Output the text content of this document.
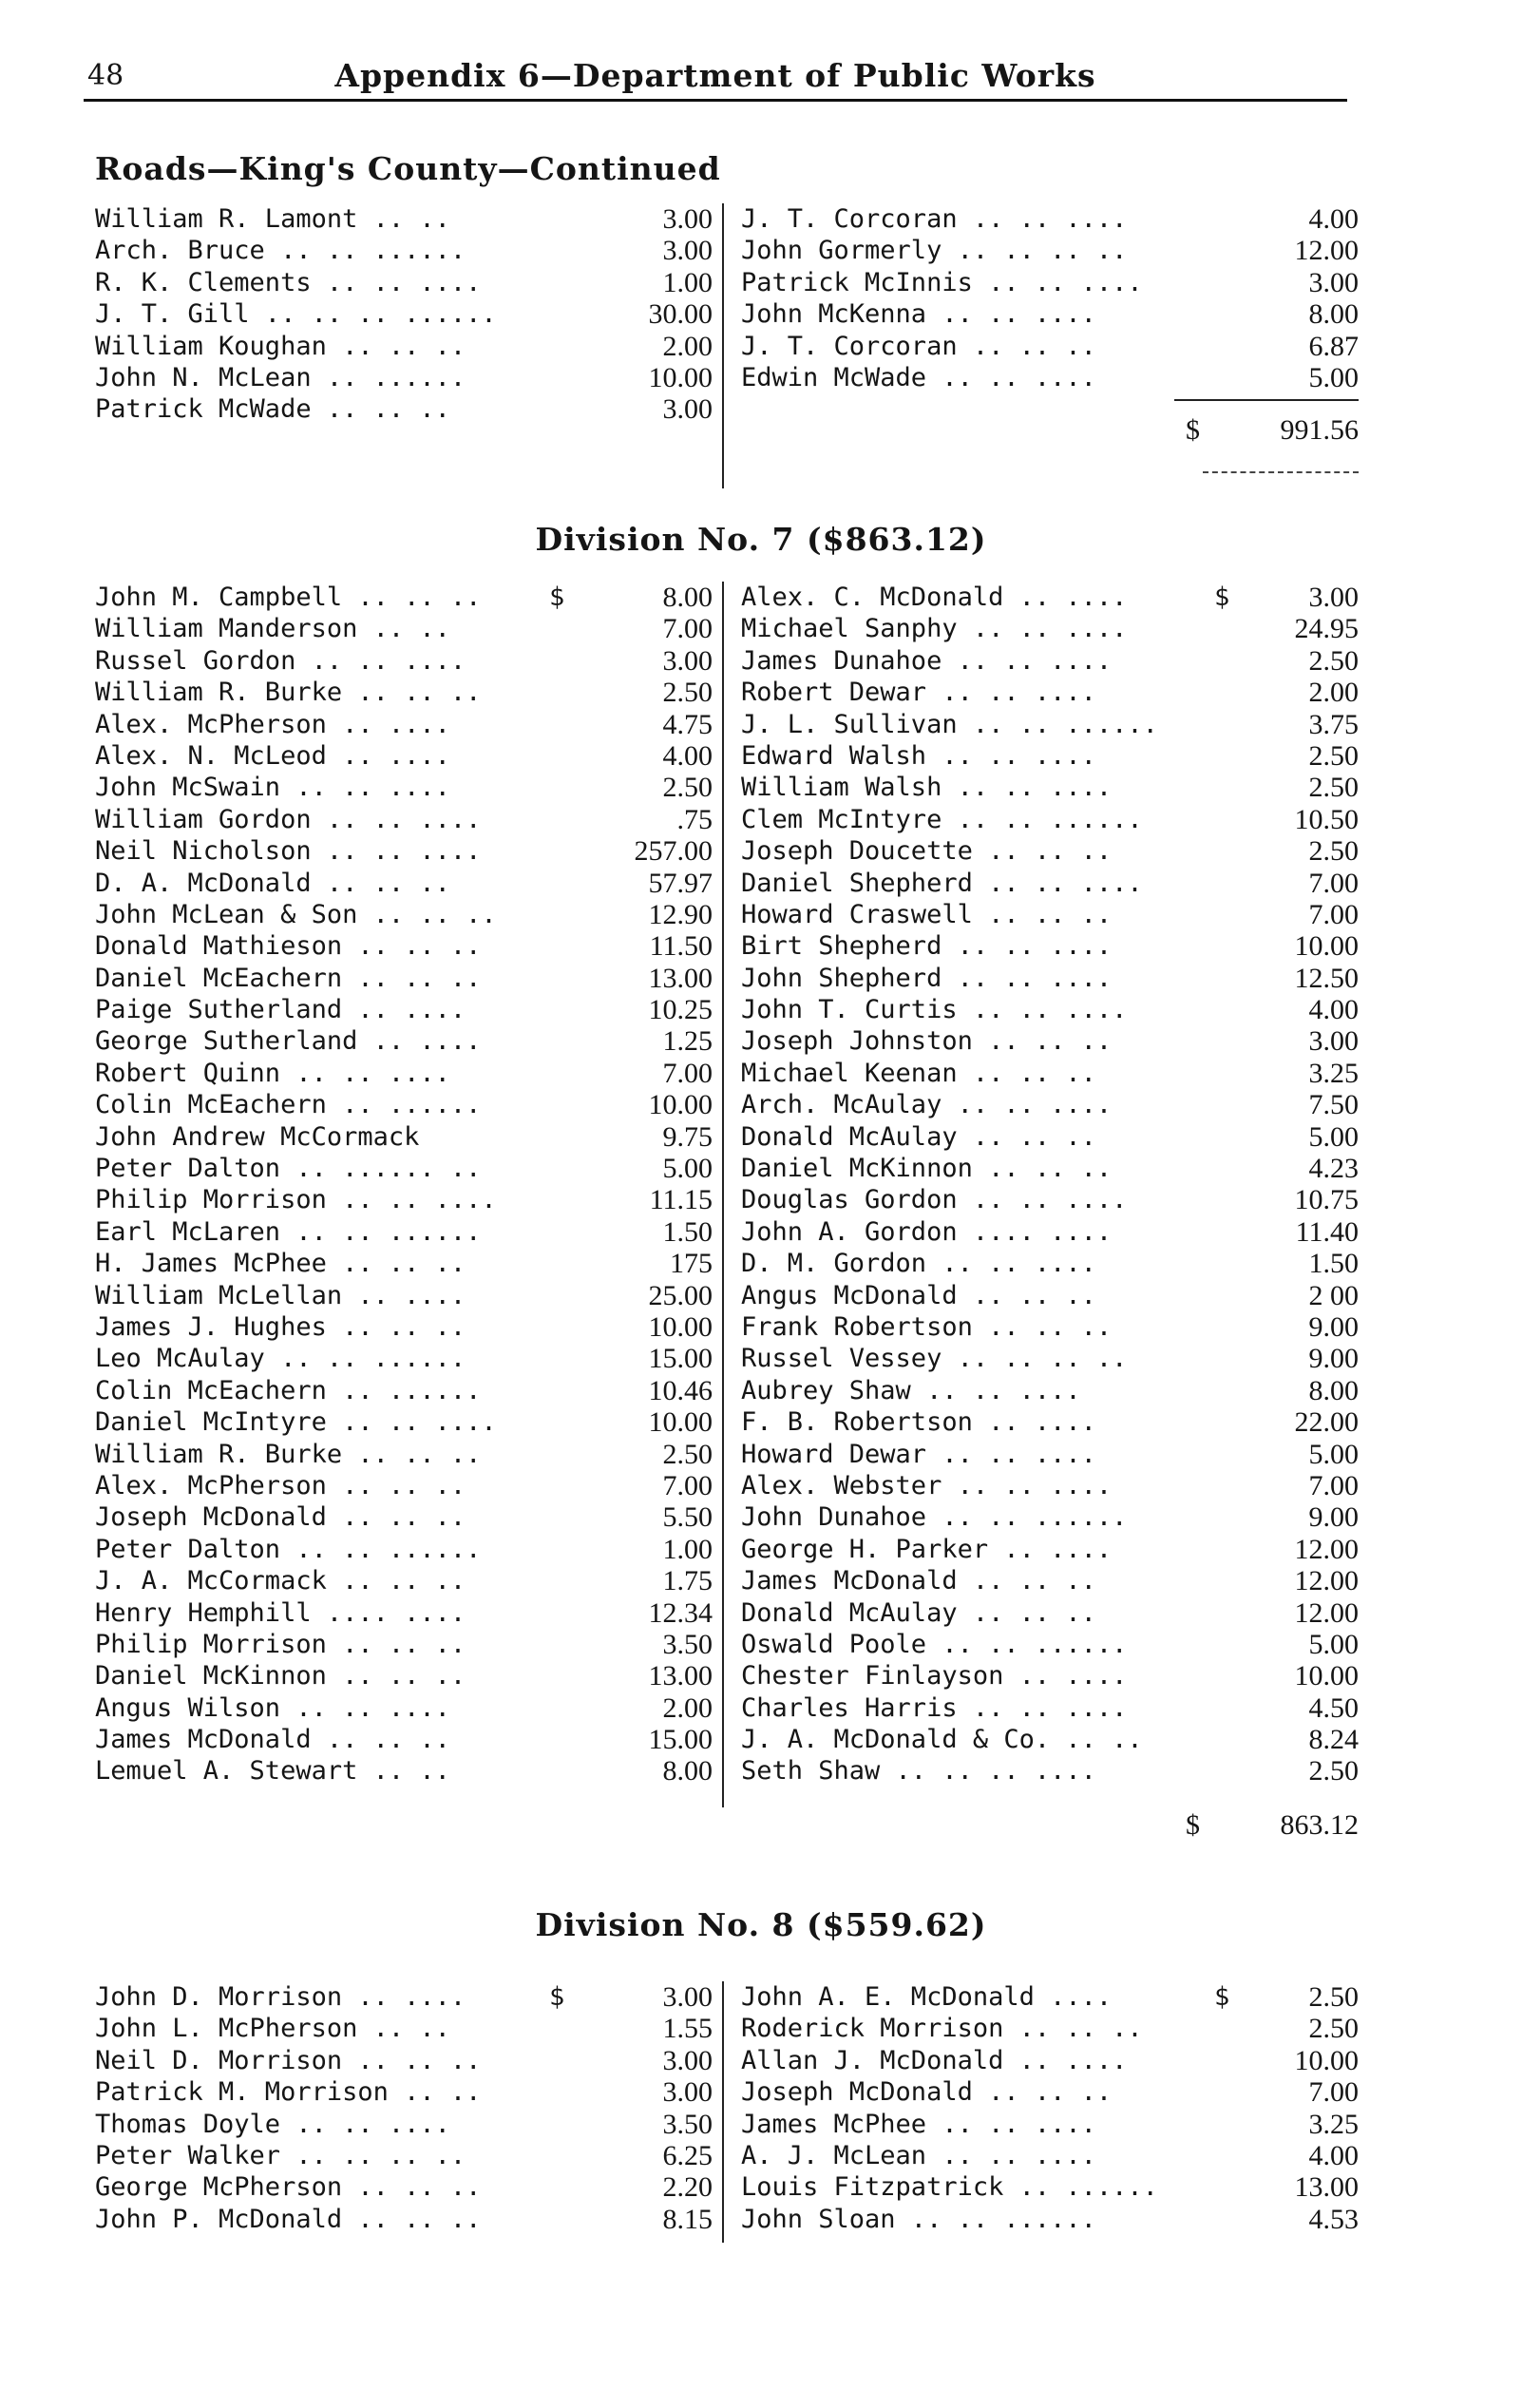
48	Appendix 6—Department of Public Works
Roads—King's County—Continued
William R. Lamont .. ..	3.00
Arch. Bruce .. .. ......	3.00
R. K. Clements .. .. ....	1.00
J. T. Gill .. .. .. ......	30.00
William Koughan .. .. ..	2.00
John N. McLean .. ......	10.00
Patrick McWade .. .. ..	3.00
J. T. Corcoran .. .. ....	4.00
John Gormerly .. .. .. ..	12.00
Patrick McInnis .. .. ....	3.00
John McKenna .. .. ....	8.00
J. T. Corcoran .. .. ..	6.87
Edwin McWade .. .. ....	5.00
$	991.56
Division No. 7 ($863.12)
John M. Campbell .. .. ..	$	8.00
William Manderson .. ..	7.00
Russel Gordon .. .. ....	3.00
William R. Burke .. .. ..	2.50
Alex. McPherson .. ....	4.75
Alex. N. McLeod .. ....	4.00
John McSwain .. .. ....	2.50
William Gordon .. .. ....	.75
Neil Nicholson .. .. ....	257.00
D. A. McDonald .. .. ..	57.97
John McLean & Son .. .. ..	12.90
Donald Mathieson .. .. ..	11.50
Daniel McEachern .. .. ..	13.00
Paige Sutherland .. ....	10.25
George Sutherland .. ....	1.25
Robert Quinn .. .. ....	7.00
Colin McEachern .. ......	10.00
John Andrew McCormack	9.75
Peter Dalton .. ...... ..	5.00
Philip Morrison .. .. ....	11.15
Earl McLaren .. .. ......	1.50
H. James McPhee .. .. ..	175
William McLellan .. ....	25.00
James J. Hughes .. .. ..	10.00
Leo McAulay .. .. ......	15.00
Colin McEachern .. ......	10.46
Daniel McIntyre .. .. ....	10.00
William R. Burke .. .. ..	2.50
Alex. McPherson .. .. ..	7.00
Joseph McDonald .. .. ..	5.50
Peter Dalton .. .. ......	1.00
J. A. McCormack .. .. ..	1.75
Henry Hemphill .... ....	12.34
Philip Morrison .. .. ..	3.50
Daniel McKinnon .. .. ..	13.00
Angus Wilson .. .. ....	2.00
James McDonald .. .. ..	15.00
Lemuel A. Stewart .. ..	8.00
Alex. C. McDonald .. ....	$	3.00
Michael Sanphy .. .. ....	24.95
James Dunahoe .. .. ....	2.50
Robert Dewar .. .. ....	2.00
J. L. Sullivan .. .. ......	3.75
Edward Walsh .. .. ....	2.50
William Walsh .. .. ....	2.50
Clem McIntyre .. .. ......	10.50
Joseph Doucette .. .. ..	2.50
Daniel Shepherd .. .. ....	7.00
Howard Craswell .. .. ..	7.00
Birt Shepherd .. .. ....	10.00
John Shepherd .. .. ....	12.50
John T. Curtis .. .. ....	4.00
Joseph Johnston .. .. ..	3.00
Michael Keenan .. .. ..	3.25
Arch. McAulay .. .. ....	7.50
Donald McAulay .. .. ..	5.00
Daniel McKinnon .. .. ..	4.23
Douglas Gordon .. .. ....	10.75
John A. Gordon .... ....	11.40
D. M. Gordon .. .. ....	1.50
Angus McDonald .. .. ..	2 00
Frank Robertson .. .. ..	9.00
Russel Vessey .. .. .. ..	9.00
Aubrey Shaw .. .. ....	8.00
F. B. Robertson .. ....	22.00
Howard Dewar .. .. ....	5.00
Alex. Webster .. .. ....	7.00
John Dunahoe .. .. ......	9.00
George H. Parker .. ....	12.00
James McDonald .. .. ..	12.00
Donald McAulay .. .. ..	12.00
Oswald Poole .. .. ......	5.00
Chester Finlayson .. ....	10.00
Charles Harris .. .. ....	4.50
J. A. McDonald & Co. .. ..	8.24
Seth Shaw .. .. .. ....	2.50
$	863.12
Division No. 8 ($559.62)
John D. Morrison .. ....	$	3.00
John L. McPherson .. ..	1.55
Neil D. Morrison .. .. ..	3.00
Patrick M. Morrison .. ..	3.00
Thomas Doyle .. .. ....	3.50
Peter Walker .. .. .. ..	6.25
George McPherson .. .. ..	2.20
John P. McDonald .. .. ..	8.15
John A. E. McDonald ....	$	2.50
Roderick Morrison .. .. ..	2.50
Allan J. McDonald .. ....	10.00
Joseph McDonald .. .. ..	7.00
James McPhee .. .. ....	3.25
A. J. McLean .. .. ....	4.00
Louis Fitzpatrick .. ......	13.00
John Sloan .. .. ......	4.53
